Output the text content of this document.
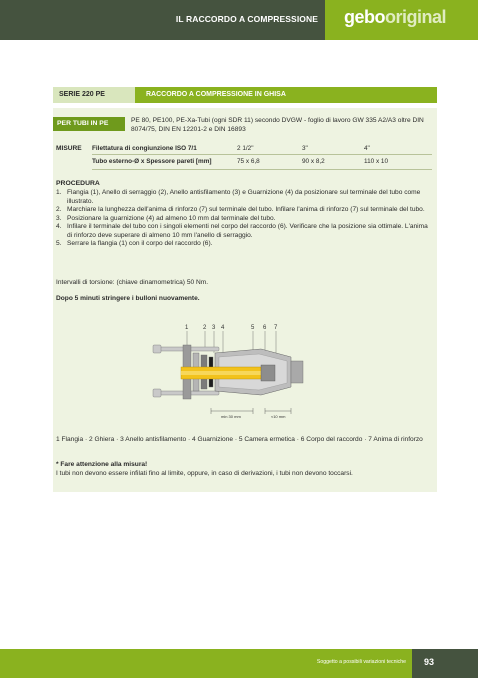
IL RACCORDO A COMPRESSIONE gebooriginal
SERIE 220 PE	RACCORDO A COMPRESSIONE IN GHISA
PER TUBI IN PE	PE 80, PE100, PE-Xa-Tubi (ogni SDR 11) secondo DVGW - foglio di lavoro GW 335 A2/A3 oltre DIN 8074/75, DIN EN 12201-2 e DIN 16893
MISURE Filettatura di congiunzione ISO 7/1	2 1/2"	3"	4"
Tubo esterno-Ø x Spessore pareti [mm]	75 x 6,8	90 x 8,2	110 x 10
PROCEDURA
1. Flangia (1), Anello di serraggio (2), Anello antisfilamento (3) e Guarnizione (4) da posizionare sul terminale del tubo come illustrato.
2. Marchiare la lunghezza dell'anima di rinforzo (7) sul terminale del tubo. Infilare l'anima di rinforzo (7) sul terminale del tubo.
3. Posizionare la guarnizione (4) ad almeno 10 mm dal terminale del tubo.
4. Infilare il terminale del tubo con i singoli elementi nel corpo del raccordo (6). Verificare che la posizione sia ottimale. L'anima di rinforzo deve superare di almeno 10 mm l'anello di serraggio.
5. Serrare la flangia (1) con il corpo del raccordo (6).
Intervalli di torsione: (chiave dinamometrica) 50 Nm.
Dopo 5 minuti stringere i bulloni nuovamente.
1 2 3 4	5 6 7
min 30 mm	≈10 mm
1 Flangia · 2 Ghiera · 3 Anello antisfilamento · 4 Guarnizione · 5 Camera ermetica · 6 Corpo del raccordo · 7 Anima di rinforzo
* Fare attenzione alla misura!
I tubi non devono essere infilati fino al limite, oppure, in caso di derivazioni, i tubi non devono toccarsi.
Soggetto a possibili variazioni tecniche 93
